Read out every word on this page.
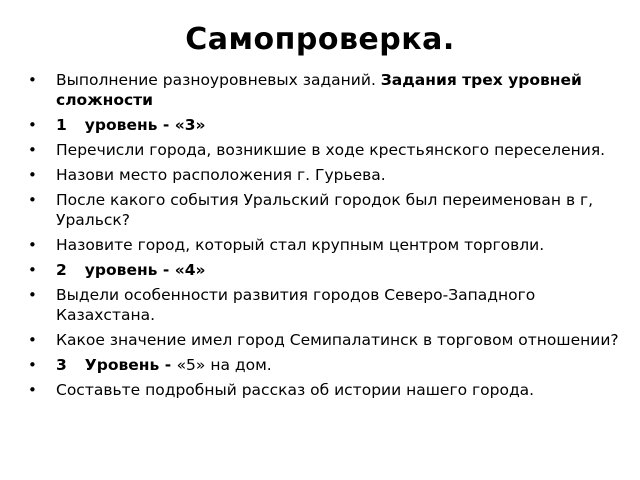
Самопроверка.
• Выполнение разноуровневых заданий. Задания трех уровней сложности
• 1 уровень - «3»
• Перечисли города, возникшие в ходе крестьянского переселения.
• Назови место расположения г. Гурьева.
• После какого события Уральский городок был переименован в г, Уральск?
• Назовите город, который стал крупным центром торговли.
• 2 уровень - «4»
• Выдели особенности развития городов Северо-Западного Казахстана.
• Какое значение имел город Семипалатинск в торговом отношении?
• 3 Уровень - «5» на дом.
• Составьте подробный рассказ об истории нашего города.
